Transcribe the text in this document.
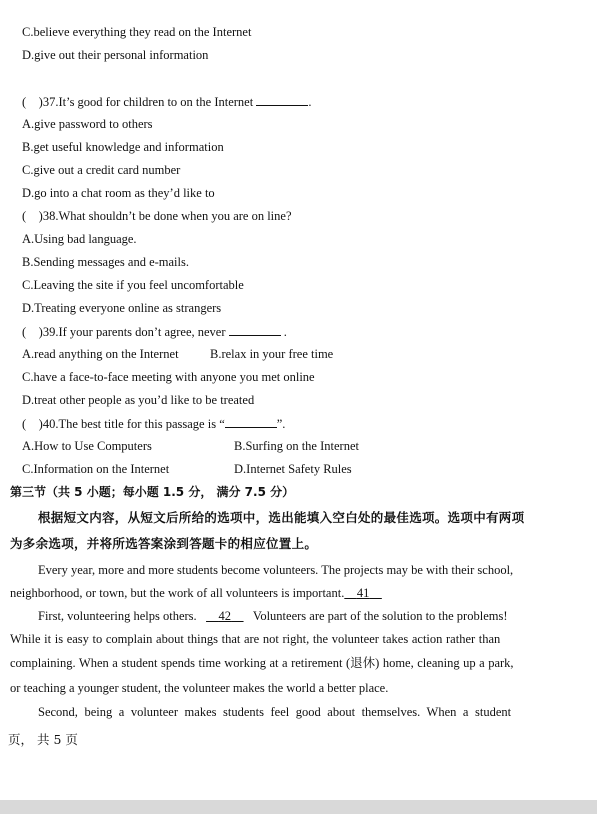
C.believe everything they read on the Internet
D.give out their personal information
( )37.It’s good for children to on the Internet	.
A.give password to others
B.get useful knowledge and information
C.give out a credit card number
D.go into a chat room as they’d like to
( )38.What shouldn’t be done when you are on line?
A.Using bad language.
B.Sending messages and e-mails.
C.Leaving the site if you feel uncomfortable
D.Treating everyone online as strangers
( )39.If your parents don’t agree, never	.
A.read anything on the Internet	B.relax in your free time
C.have a face-to-face meeting with anyone you met online
D.treat other people as you’d like to be treated
( )40.The best title for this passage is “	”.
A.How to Use Computers	B.Surfing on the Internet
C.Information on the Internet	D.Internet Safety Rules
第三节（共 5 小题；每小题 1.5 分， 满分 7.5 分）
根据短文内容，从短文后所给的选项中，选出能填入空白处的最佳选项。选项中有两项
为多余选项，并将所选答案涂到答题卡的相应位置上。
Every year, more and more students become volunteers. The projects may be with their school,
neighborhood, or town, but the work of all volunteers is important. 41
First, volunteering helps others. 42 Volunteers are part of the solution to the problems!
While it is easy to complain about things that are not right, the volunteer takes action rather than
complaining. When a student spends time working at a retirement (退休) home, cleaning up a park,
or teaching a younger student, the volunteer makes the world a better place.
Second, being a volunteer makes students feel good about themselves. When a student
页， 共 5 页
